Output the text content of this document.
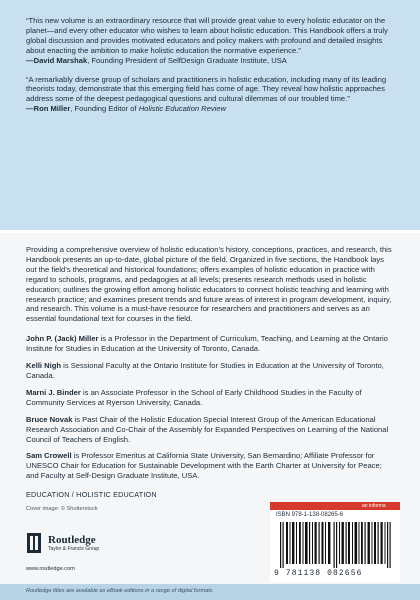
“This new volume is an extraordinary resource that will provide great value to every holistic educator on the planet—and every other educator who wishes to learn about holistic education. This Handbook offers a truly global discussion and provides motivated educators and policy makers with profound and detailed insights about enacting the ambition to make holistic education the normative experience.”

—David Marshak, Founding President of SelfDesign Graduate Institute, USA

“A remarkably diverse group of scholars and practitioners in holistic education, including many of its leading theorists today, demonstrate that this emerging field has come of age. They reveal how holistic approaches address some of the deepest pedagogical questions and cultural dilemmas of our troubled time.”

—Ron Miller, Founding Editor of Holistic Education Review

Providing a comprehensive overview of holistic education’s history, conceptions, practices, and research, this Handbook presents an up-to-date, global picture of the field. Organized in five sections, the Handbook lays out the field’s theoretical and historical foundations; offers examples of holistic education in practice with regard to schools, programs, and pedagogies at all levels; presents research methods used in holistic education; outlines the growing effort among holistic educators to connect holistic teaching and learning with research practice; and examines present trends and future areas of interest in program development, inquiry, and research. This volume is a must-have resource for researchers and practitioners and serves as an essential foundational text for courses in the field.

John P. (Jack) Miller is a Professor in the Department of Curriculum, Teaching, and Learning at the Ontario Institute for Studies in Education at the University of Toronto, Canada.

Kelli Nigh is Sessional Faculty at the Ontario Institute for Studies in Education at the University of Toronto, Canada.

Marni J. Binder is an Associate Professor in the School of Early Childhood Studies in the Faculty of Community Services at Ryerson University, Canada.

Bruce Novak is Past Chair of the Holistic Education Special Interest Group of the American Educational Research Association and Co-Chair of the Assembly for Expanded Perspectives on Learning of the National Council of Teachers of English.

Sam Crowell is Professor Emeritus at California State University, San Bernardino; Affiliate Professor for UNESCO Chair for Education for Sustainable Development with the Earth Charter at University for Peace; and Faculty at Self-Design Graduate Institute, USA.

EDUCATION / HOLISTIC EDUCATION
Cover image: © Shutterstock
Routledge
Taylor & Francis Group
www.routledge.com
an informa
ISBN 978-1-138-08265-6
9 781138 082656
Routledge titles are available as eBook editions in a range of digital formats
